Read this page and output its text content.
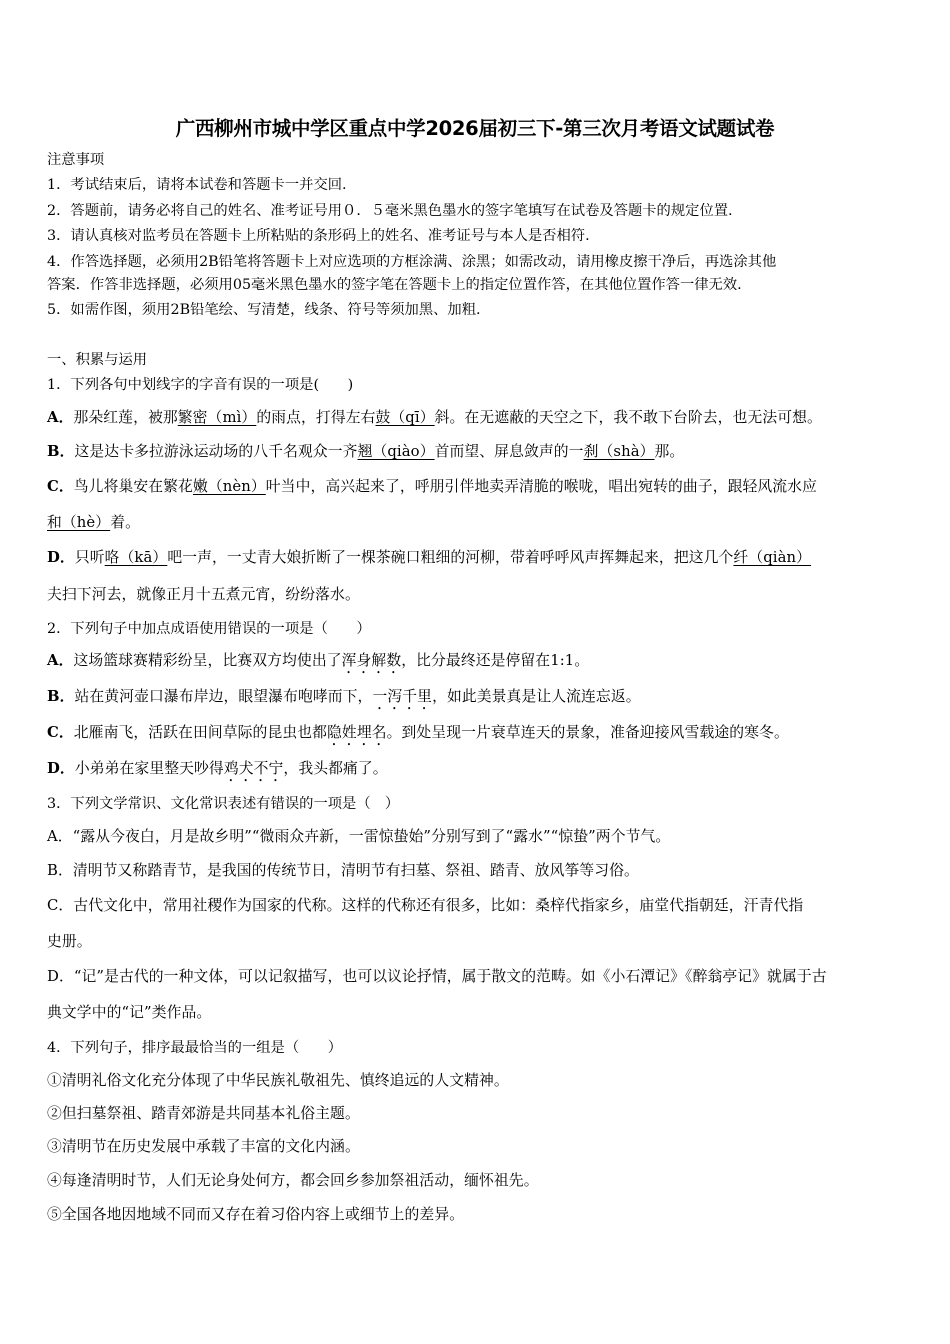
广西柳州市城中学区重点中学2026届初三下-第三次月考语文试题试卷
注意事项
1．考试结束后，请将本试卷和答题卡一并交回.
2．答题前，请务必将自己的姓名、准考证号用０．５毫米黑色墨水的签字笔填写在试卷及答题卡的规定位置.
3．请认真核对监考员在答题卡上所粘贴的条形码上的姓名、准考证号与本人是否相符.
4．作答选择题，必须用2B铅笔将答题卡上对应选项的方框涂满、涂黑；如需改动，请用橡皮擦干净后，再选涂其他
答案．作答非选择题，必须用05毫米黑色墨水的签字笔在答题卡上的指定位置作答，在其他位置作答一律无效.
5．如需作图，须用2B铅笔绘、写清楚，线条、符号等须加黑、加粗.
一、积累与运用
1．下列各句中划线字的字音有误的一项是(　　)
A．那朵红莲，被那繁密（mì）的雨点，打得左右鼓（qī）斜。在无遮蔽的天空之下，我不敢下台阶去，也无法可想。
B．这是达卡多拉游泳运动场的八千名观众一齐翘（qiào）首而望、屏息敛声的一刹（shà）那。
C．鸟儿将巢安在繁花嫩（nèn）叶当中，高兴起来了，呼朋引伴地卖弄清脆的喉咙，唱出宛转的曲子，跟轻风流水应
和（hè）着。
D．只听咯（kā）吧一声，一丈青大娘折断了一棵茶碗口粗细的河柳，带着呼呼风声挥舞起来，把这几个纤（qiàn）
夫扫下河去，就像正月十五煮元宵，纷纷落水。
2．下列句子中加点成语使用错误的一项是（　　）
A．这场篮球赛精彩纷呈，比赛双方均使出了浑身解数，比分最终还是停留在1:1。
B．站在黄河壶口瀑布岸边，眼望瀑布咆哮而下，一泻千里，如此美景真是让人流连忘返。
C．北雁南飞，活跃在田间草际的昆虫也都隐姓埋名。到处呈现一片衰草连天的景象，准备迎接风雪载途的寒冬。
D．小弟弟在家里整天吵得鸡犬不宁，我头都痛了。
3．下列文学常识、文化常识表述有错误的一项是（　）
A．“露从今夜白，月是故乡明”“微雨众卉新，一雷惊蛰始”分别写到了“露水”“惊蛰”两个节气。
B．清明节又称踏青节，是我国的传统节日，清明节有扫墓、祭祖、踏青、放风筝等习俗。
C．古代文化中，常用社稷作为国家的代称。这样的代称还有很多，比如：桑梓代指家乡，庙堂代指朝廷，汗青代指
史册。
D．“记”是古代的一种文体，可以记叙描写，也可以议论抒情，属于散文的范畴。如《小石潭记》《醉翁亭记》就属于古
典文学中的“记”类作品。
4．下列句子，排序最最恰当的一组是（　　）
①清明礼俗文化充分体现了中华民族礼敬祖先、慎终追远的人文精神。
②但扫墓祭祖、踏青郊游是共同基本礼俗主题。
③清明节在历史发展中承载了丰富的文化内涵。
④每逢清明时节，人们无论身处何方，都会回乡参加祭祖活动，缅怀祖先。
⑤全国各地因地域不同而又存在着习俗内容上或细节上的差异。
